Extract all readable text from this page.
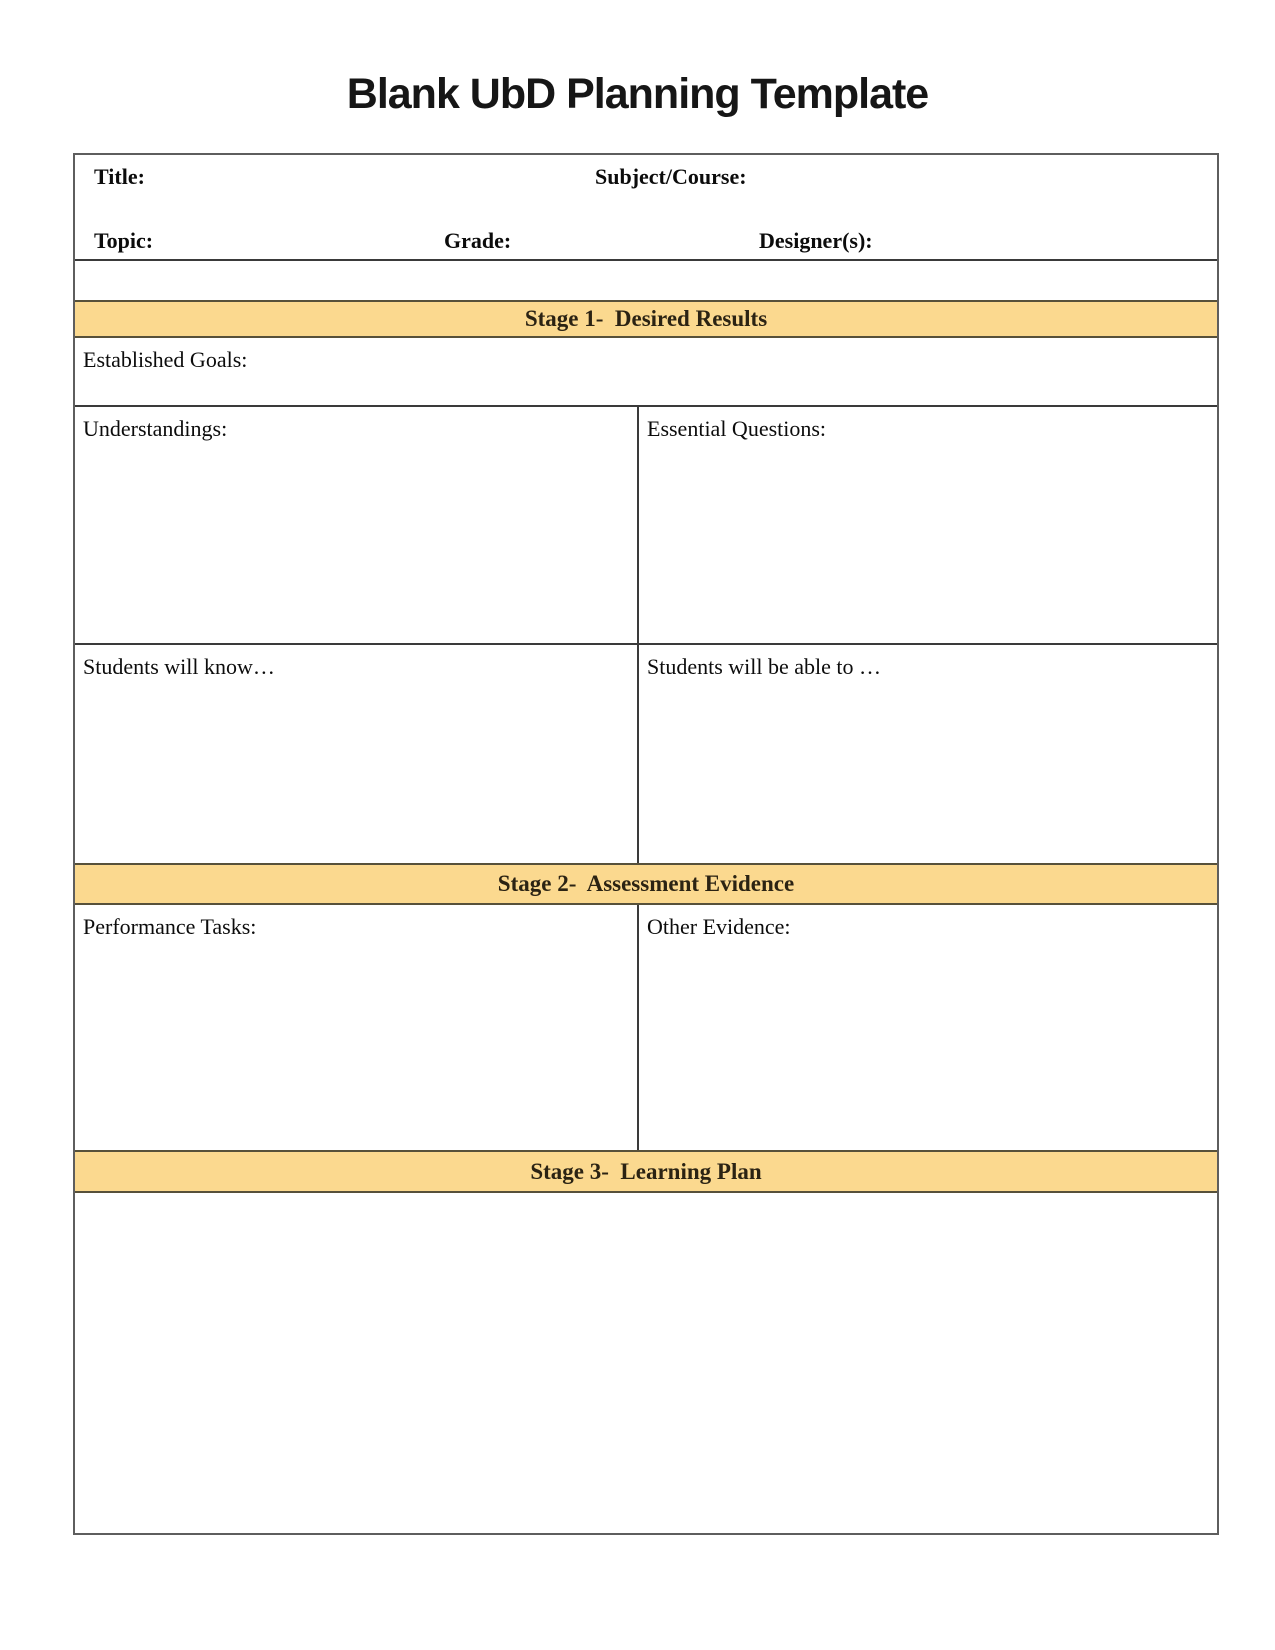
Blank UbD Planning Template
Title:	Subject/Course:
Topic:	Grade:	Designer(s):
Stage 1-  Desired Results
Established Goals:
Understandings:	Essential Questions:
Students will know…	Students will be able to …
Stage 2-  Assessment Evidence
Performance Tasks:	Other Evidence:
Stage 3-  Learning Plan
